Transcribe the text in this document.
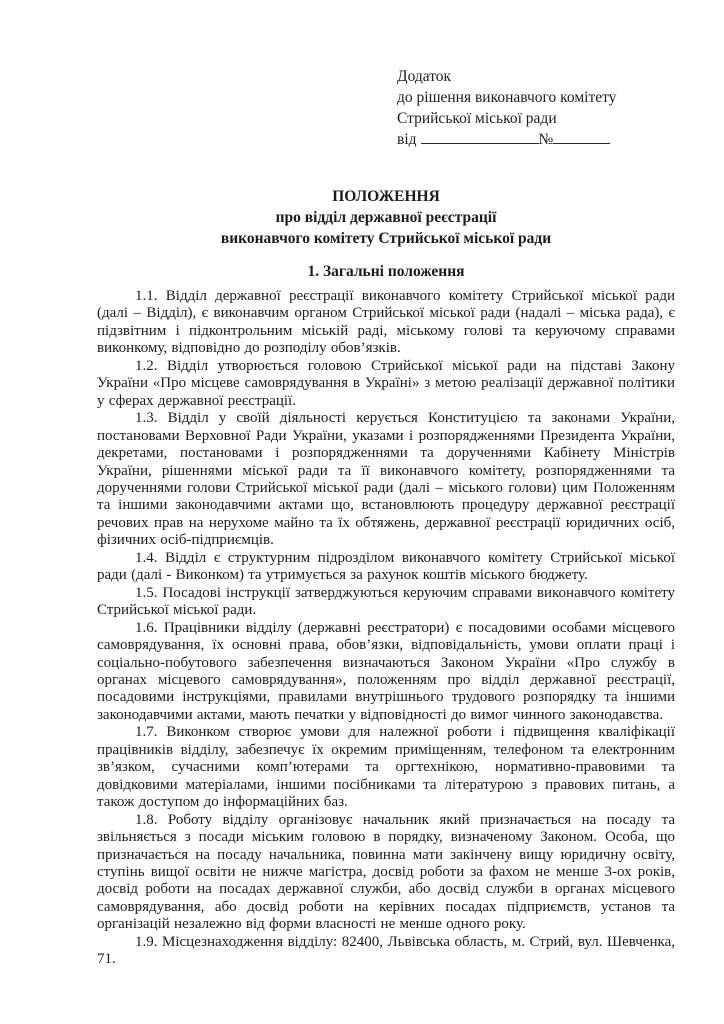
Додаток
до рішення виконавчого комітету
Стрийської міської ради
від	№
ПОЛОЖЕННЯ
про відділ державної реєстрації
виконавчого комітету Стрийської міської ради
1. Загальні положення

1.1. Відділ державної реєстрації виконавчого комітету Стрийської міської ради (далі – Відділ), є виконавчим органом Стрийської міської ради (надалі – міська рада), є підзвітним і підконтрольним міській раді, міському голові та керуючому справами виконкому, відповідно до розподілу обов’язків.

1.2. Відділ утворюється головою Стрийської міської ради на підставі Закону України «Про місцеве самоврядування в Україні» з метою реалізації державної політики у сферах державної реєстрації.

1.3. Відділ у своїй діяльності керується Конституцією та законами України, постановами Верховної Ради України, указами і розпорядженнями Президента України, декретами, постановами і розпорядженнями та дорученнями Кабінету Міністрів України, рішеннями міської ради та її виконавчого комітету, розпорядженнями та дорученнями голови Стрийської міської ради (далі – міського голови) цим Положенням та іншими законодавчими актами що, встановлюють процедуру державної реєстрації речових прав на нерухоме майно та їх обтяжень, державної реєстрації юридичних осіб, фізичних осіб-підприємців.

1.4. Відділ є структурним підрозділом виконавчого комітету Стрийської міської ради (далі - Виконком) та утримується за рахунок коштів міського бюджету.

1.5. Посадові інструкції затверджуються керуючим справами виконавчого комітету Стрийської міської ради.

1.6. Працівники відділу (державні реєстратори) є посадовими особами місцевого самоврядування, їх основні права, обов’язки, відповідальність, умови оплати праці і соціально-побутового забезпечення визначаються Законом України «Про службу в органах місцевого самоврядування», положенням про відділ державної реєстрації, посадовими інструкціями, правилами внутрішнього трудового розпорядку та іншими законодавчими актами, мають печатки у відповідності до вимог чинного законодавства.

1.7. Виконком створює умови для належної роботи і підвищення кваліфікації працівників відділу, забезпечує їх окремим приміщенням, телефоном та електронним зв’язком, сучасними комп’ютерами та оргтехнікою, нормативно-правовими та довідковими матеріалами, іншими посібниками та літературою з правових питань, а також доступом до інформаційних баз.

1.8. Роботу відділу організовує начальник який призначається на посаду та звільняється з посади міським головою в порядку, визначеному Законом. Особа, що призначається на посаду начальника, повинна мати закінчену вищу юридичну освіту, ступінь вищої освіти не нижче магістра, досвід роботи за фахом не менше 3-ох років, досвід роботи на посадах державної служби, або досвід служби в органах місцевого самоврядування, або досвід роботи на керівних посадах підприємств, установ та організацій незалежно від форми власності не менше одного року.

1.9. Місцезнаходження відділу: 82400, Львівська область, м. Стрий, вул. Шевченка, 71.
